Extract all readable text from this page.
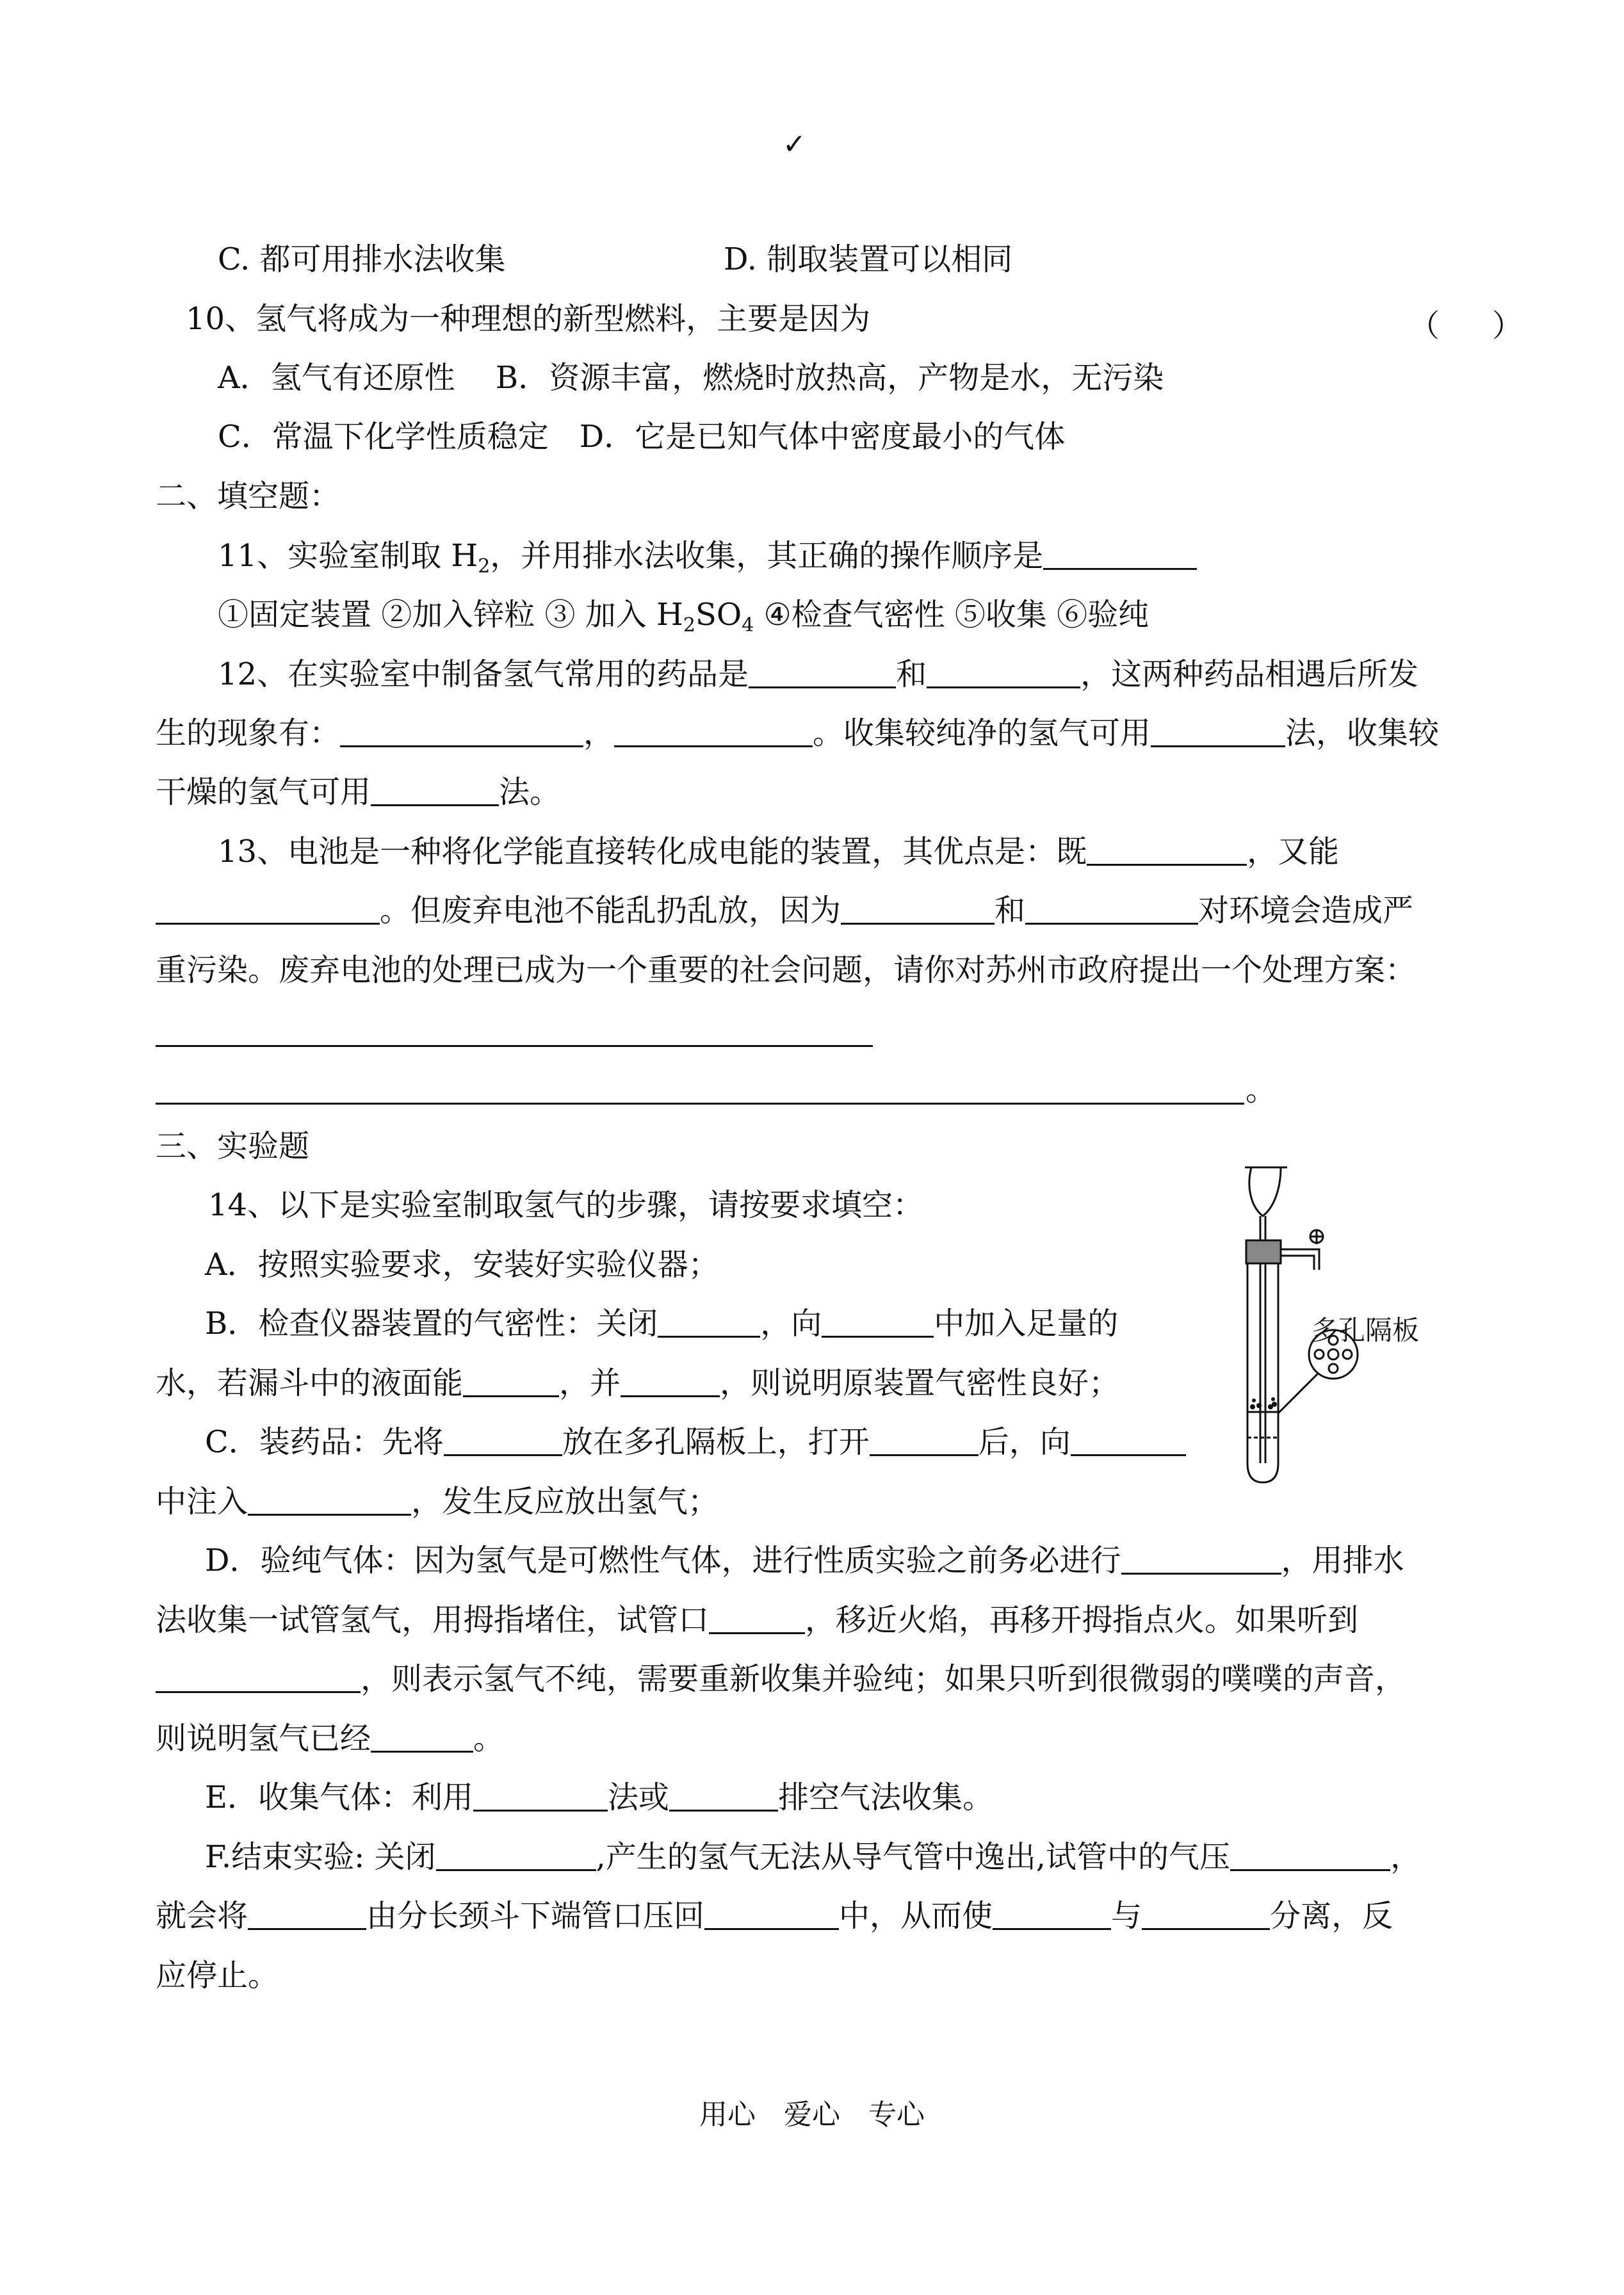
✓
C. 都可用排水法收集	D. 制取装置可以相同
10、氢气将成为一种理想的新型燃料，主要是因为	（ ）
A．氢气有还原性　 B．资源丰富，燃烧时放热高，产物是水，无污染
C．常温下化学性质稳定　D．它是已知气体中密度最小的气体
二、填空题：
11、实验室制取 $H_2$，并用排水法收集，其正确的操作顺序是
①固定装置 ②加入锌粒 ③ 加入 $H_2SO_4$ ④检查气密性 ⑤收集 ⑥验纯
12、在实验室中制备氢气常用的药品是	和	，这两种药品相遇后所发
生的现象有：	，	。收集较纯净的氢气可用	法，收集较
干燥的氢气可用	法。
13、电池是一种将化学能直接转化成电能的装置，其优点是：既	，又能
。但废弃电池不能乱扔乱放，因为	和	对环境会造成严
重污染。废弃电池的处理已成为一个重要的社会问题，请你对苏州市政府提出一个处理方案：
。
三、实验题
14、以下是实验室制取氢气的步骤，请按要求填空：
A．按照实验要求，安装好实验仪器；
B．检查仪器装置的气密性：关闭	，向	中加入足量的
水，若漏斗中的液面能	，并	，则说明原装置气密性良好；
C．装药品：先将	放在多孔隔板上，打开	后，向
中注入	，发生反应放出氢气；
D．验纯气体：因为氢气是可燃性气体，进行性质实验之前务必进行	，用排水
法收集一试管氢气，用拇指堵住，试管口	，移近火焰，再移开拇指点火。如果听到
，则表示氢气不纯，需要重新收集并验纯；如果只听到很微弱的噗噗的声音，
则说明氢气已经	。
E．收集气体：利用	法或	排空气法收集。
F.结束实验: 关闭	,产生的氢气无法从导气管中逸出,试管中的气压	，
就会将	由分长颈斗下端管口压回	中，从而使	与	分离，反
应停止。
多孔隔板
用心　爱心　专心
